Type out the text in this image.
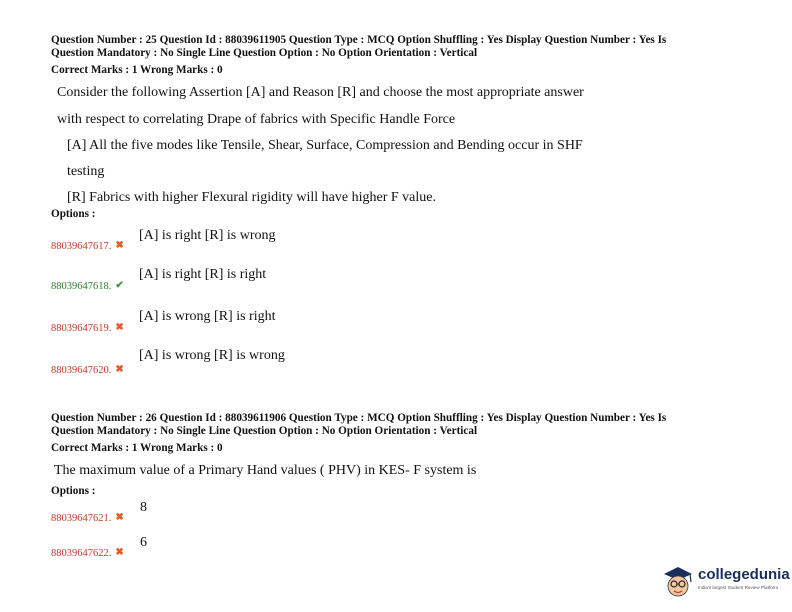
Question Number : 25 Question Id : 88039611905 Question Type : MCQ Option Shuffling : Yes Display Question Number : Yes Is
Question Mandatory : No Single Line Question Option : No Option Orientation : Vertical
Correct Marks : 1 Wrong Marks : 0
Consider the following Assertion [A] and Reason [R] and choose the most appropriate answer
with respect to correlating Drape of fabrics with Specific Handle Force
[A] All the five modes like Tensile, Shear, Surface, Compression and Bending occur in SHF
testing
[R] Fabrics with higher Flexural rigidity will have higher F value.
Options :
88039647617. ✖
[A] is right [R] is wrong
88039647618. ✔
[A] is right [R] is right
88039647619. ✖
[A] is wrong [R] is right
88039647620. ✖
[A] is wrong [R] is wrong
Question Number : 26 Question Id : 88039611906 Question Type : MCQ Option Shuffling : Yes Display Question Number : Yes Is
Question Mandatory : No Single Line Question Option : No Option Orientation : Vertical
Correct Marks : 1 Wrong Marks : 0
The maximum value of a Primary Hand values ( PHV) in KES- F system is
Options :
88039647621. ✖
8
88039647622. ✖
6
collegedunia
India's largest Student Review Platform
